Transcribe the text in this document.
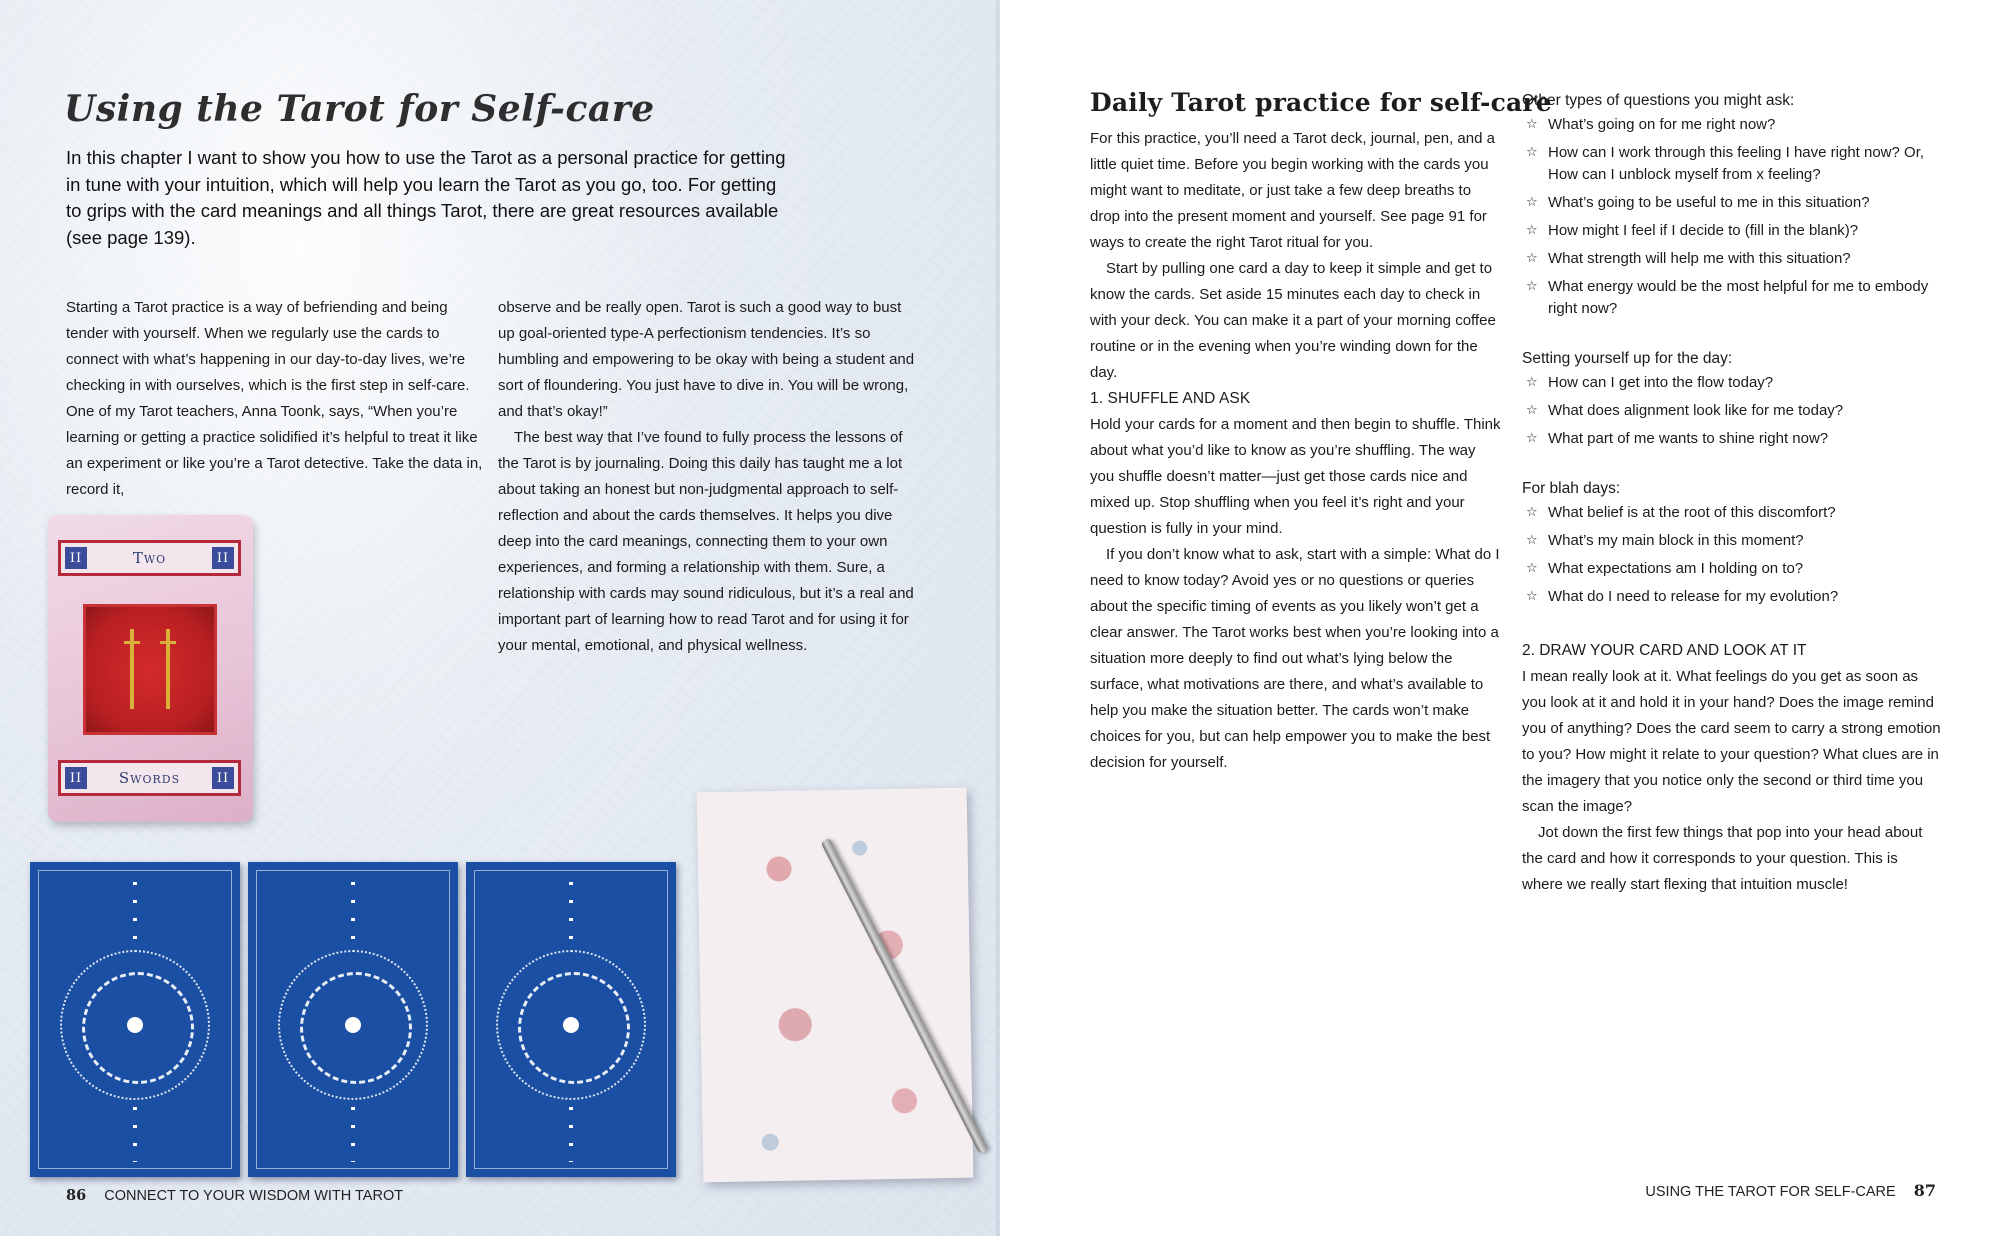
Using the Tarot for Self-care

In this chapter I want to show you how to use the Tarot as a personal practice for getting in tune with your intuition, which will help you learn the Tarot as you go, too. For getting to grips with the card meanings and all things Tarot, there are great resources available (see page 139).

Starting a Tarot practice is a way of befriending and being tender with yourself. When we regularly use the cards to connect with what’s happening in our day-to-day lives, we’re checking in with ourselves, which is the first step in self-care. One of my Tarot teachers, Anna Toonk, says, “When you’re learning or getting a practice solidified it’s helpful to treat it like an experiment or like you’re a Tarot detective. Take the data in, record it,

observe and be really open. Tarot is such a good way to bust up goal-oriented type-A perfectionism tendencies. It’s so humbling and empowering to be okay with being a student and sort of floundering. You just have to dive in. You will be wrong, and that’s okay!”

The best way that I’ve found to fully process the lessons of the Tarot is by journaling. Doing this daily has taught me a lot about taking an honest but non-judgmental approach to self-reflection and about the cards themselves. It helps you dive deep into the card meanings, connecting them to your own experiences, and forming a relationship with them. Sure, a relationship with cards may sound ridiculous, but it’s a real and important part of learning how to read Tarot and for using it for your mental, emotional, and physical wellness.

II	Two	II
II	Swords	II
86 CONNECT TO YOUR WISDOM WITH TAROT
Daily Tarot practice for self-care

For this practice, you’ll need a Tarot deck, journal, pen, and a little quiet time. Before you begin working with the cards you might want to meditate, or just take a few deep breaths to drop into the present moment and yourself. See page 91 for ways to create the right Tarot ritual for you.

Start by pulling one card a day to keep it simple and get to know the cards. Set aside 15 minutes each day to check in with your deck. You can make it a part of your morning coffee routine or in the evening when you’re winding down for the day.

1. SHUFFLE AND ASK

Hold your cards for a moment and then begin to shuffle. Think about what you’d like to know as you’re shuffling. The way you shuffle doesn’t matter—just get those cards nice and mixed up. Stop shuffling when you feel it’s right and your question is fully in your mind.

If you don’t know what to ask, start with a simple: What do I need to know today? Avoid yes or no questions or queries about the specific timing of events as you likely won’t get a clear answer. The Tarot works best when you’re looking into a situation more deeply to find out what’s lying below the surface, what motivations are there, and what’s available to help you make the situation better. The cards won’t make choices for you, but can help empower you to make the best decision for yourself.

Other types of questions you might ask:

☆ What’s going on for me right now?
☆ How can I work through this feeling I have right now? Or, How can I unblock myself from x feeling?
☆ What’s going to be useful to me in this situation?
☆ How might I feel if I decide to (fill in the blank)?
☆ What strength will help me with this situation?
☆ What energy would be the most helpful for me to embody right now?

Setting yourself up for the day:

☆ How can I get into the flow today?
☆ What does alignment look like for me today?
☆ What part of me wants to shine right now?

For blah days:

☆ What belief is at the root of this discomfort?
☆ What’s my main block in this moment?
☆ What expectations am I holding on to?
☆ What do I need to release for my evolution?

2. DRAW YOUR CARD AND LOOK AT IT

I mean really look at it. What feelings do you get as soon as you look at it and hold it in your hand? Does the image remind you of anything? Does the card seem to carry a strong emotion to you? How might it relate to your question? What clues are in the imagery that you notice only the second or third time you scan the image?

Jot down the first few things that pop into your head about the card and how it corresponds to your question. This is where we really start flexing that intuition muscle!

USING THE TAROT FOR SELF-CARE 87
